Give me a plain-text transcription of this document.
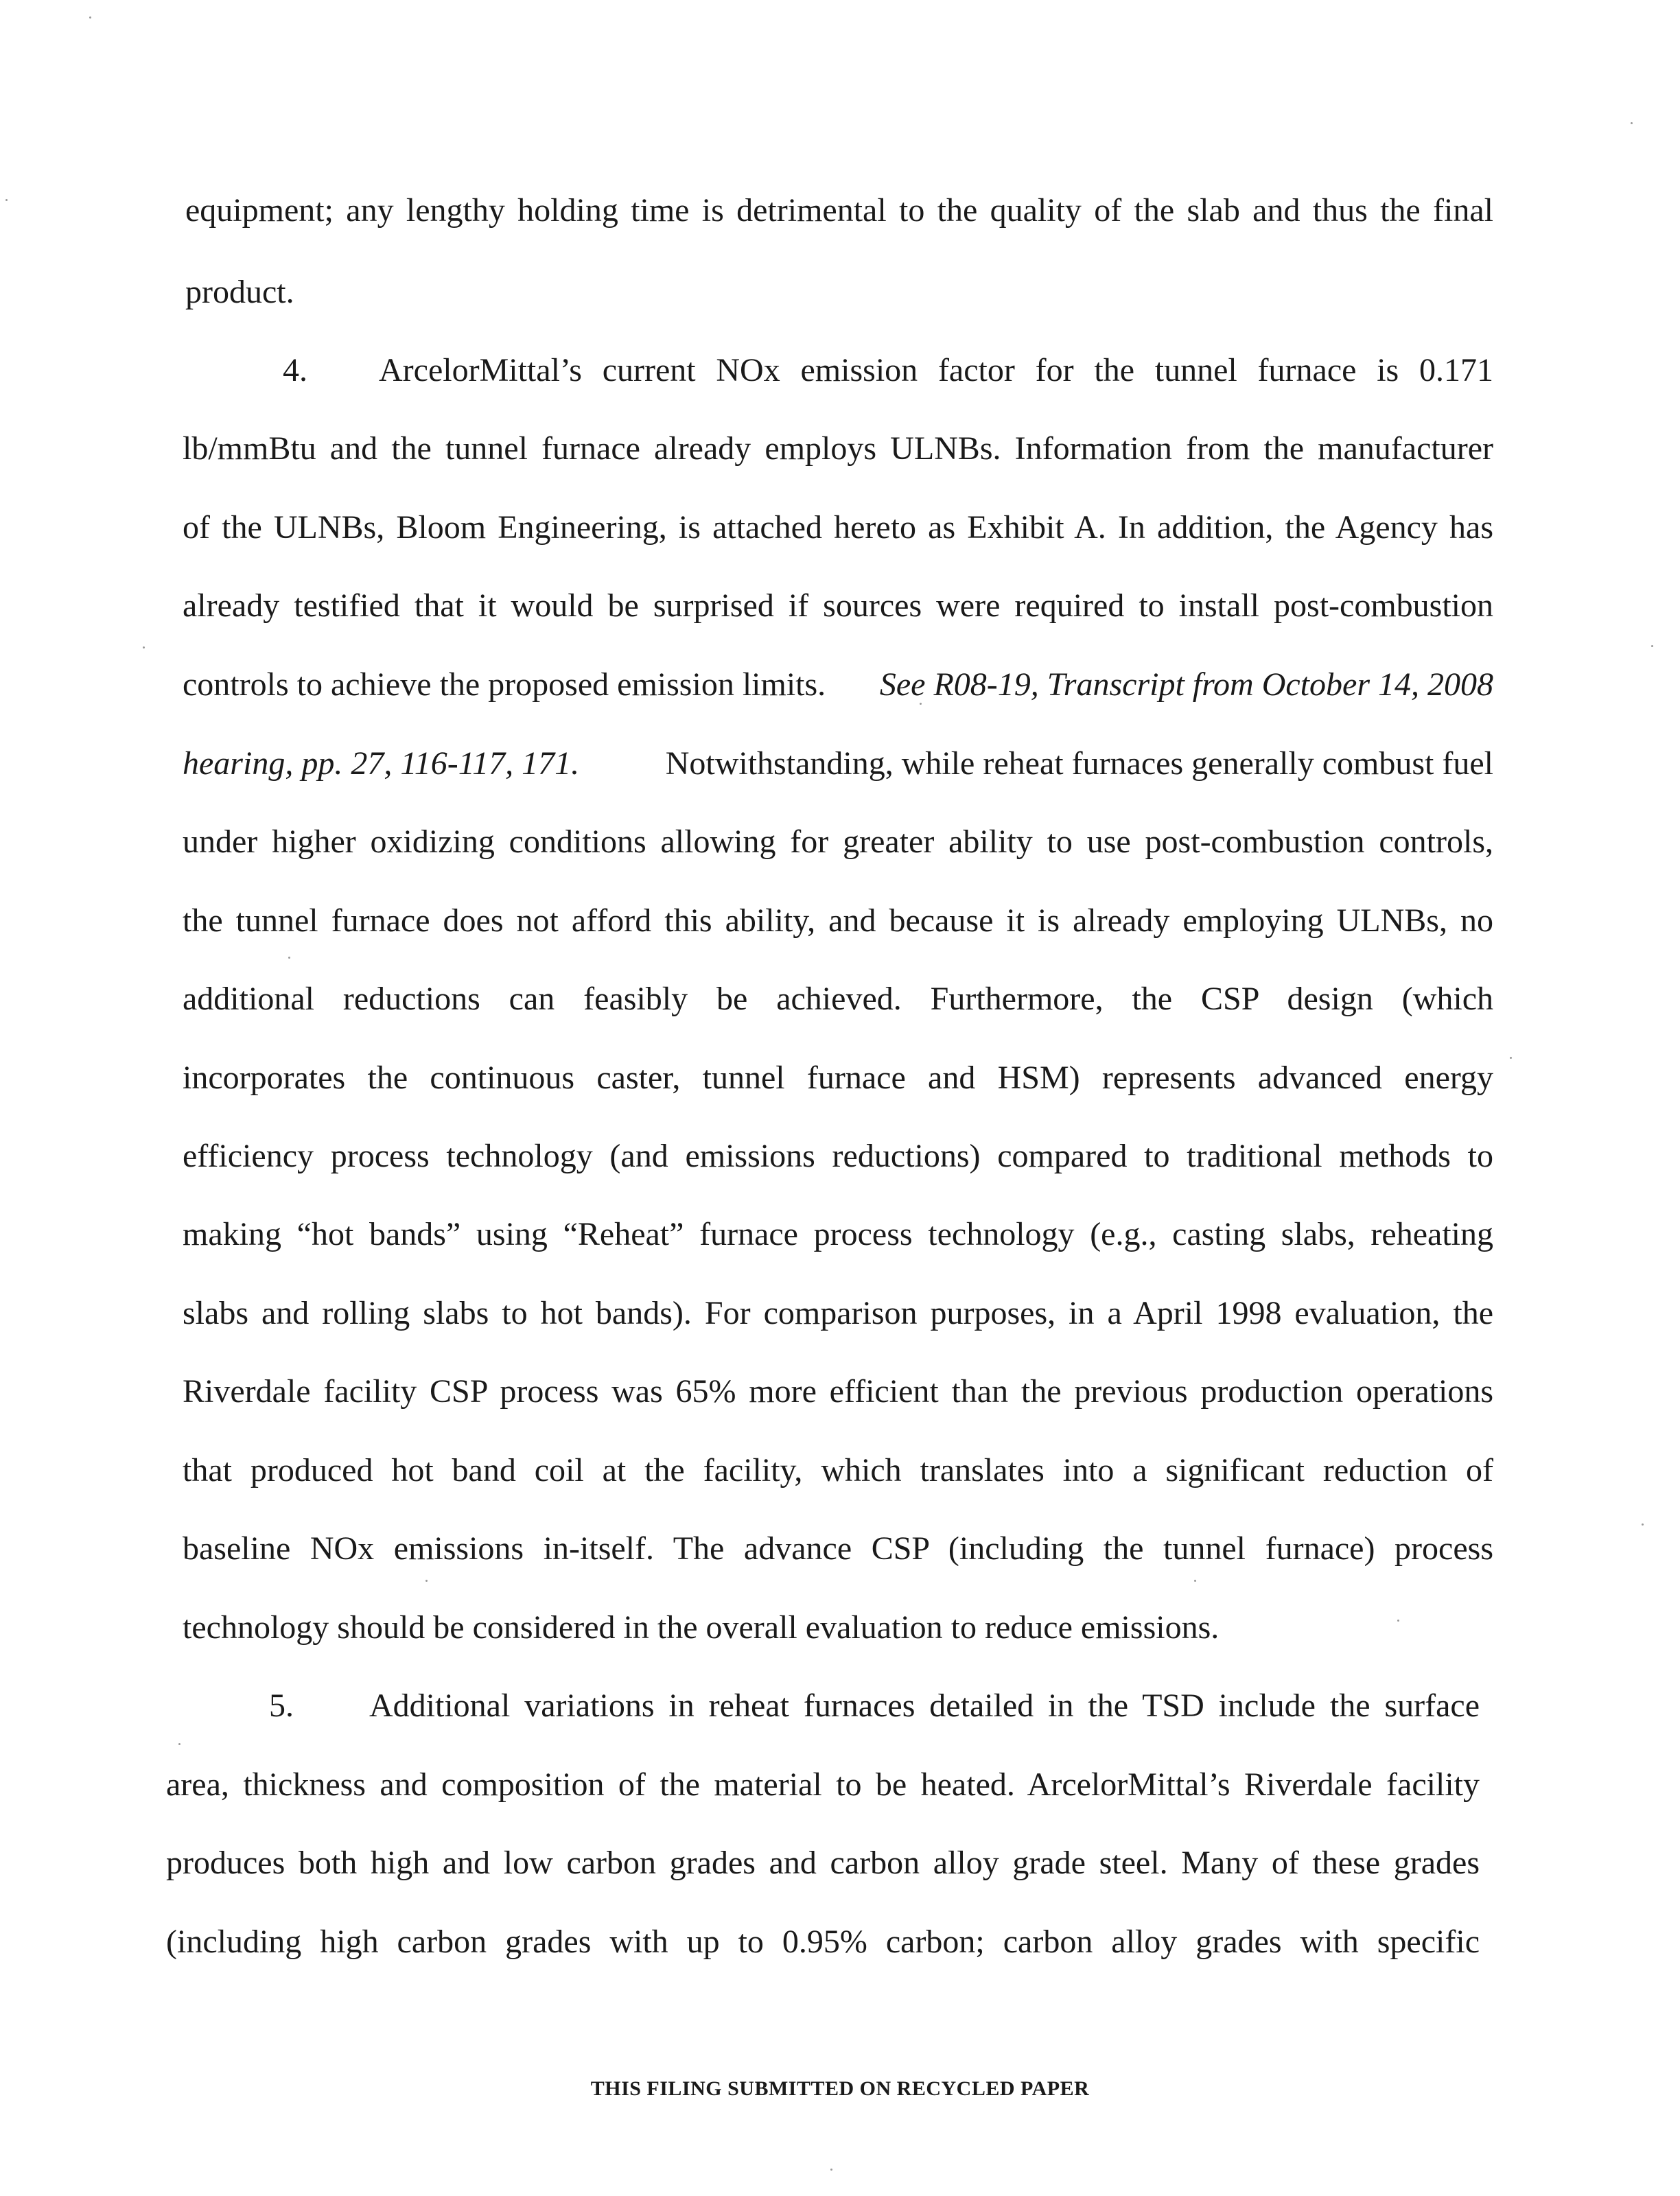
equipment; any lengthy holding time is detrimental to the quality of the slab and thus the final
product.
4. ArcelorMittal’s current NOx emission factor for the tunnel furnace is 0.171
lb/mmBtu and the tunnel furnace already employs ULNBs. Information from the manufacturer
of the ULNBs, Bloom Engineering, is attached hereto as Exhibit A. In addition, the Agency has
already testified that it would be surprised if sources were required to install post-combustion
controls to achieve the proposed emission limits. See R08-19, Transcript from October 14, 2008
hearing, pp. 27, 116-117, 171.	Notwithstanding, while reheat furnaces generally combust fuel
under higher oxidizing conditions allowing for greater ability to use post-combustion controls,
the tunnel furnace does not afford this ability, and because it is already employing ULNBs, no
additional reductions can feasibly be achieved. Furthermore, the CSP design (which
incorporates the continuous caster, tunnel furnace and HSM) represents advanced energy
efficiency process technology (and emissions reductions) compared to traditional methods to
making “hot bands” using “Reheat” furnace process technology (e.g., casting slabs, reheating
slabs and rolling slabs to hot bands). For comparison purposes, in a April 1998 evaluation, the
Riverdale facility CSP process was 65% more efficient than the previous production operations
that produced hot band coil at the facility, which translates into a significant reduction of
baseline NOx emissions in-itself. The advance CSP (including the tunnel furnace) process
technology should be considered in the overall evaluation to reduce emissions.
5. Additional variations in reheat furnaces detailed in the TSD include the surface
area, thickness and composition of the material to be heated. ArcelorMittal’s Riverdale facility
produces both high and low carbon grades and carbon alloy grade steel. Many of these grades
(including high carbon grades with up to 0.95% carbon; carbon alloy grades with specific
THIS FILING SUBMITTED ON RECYCLED PAPER
